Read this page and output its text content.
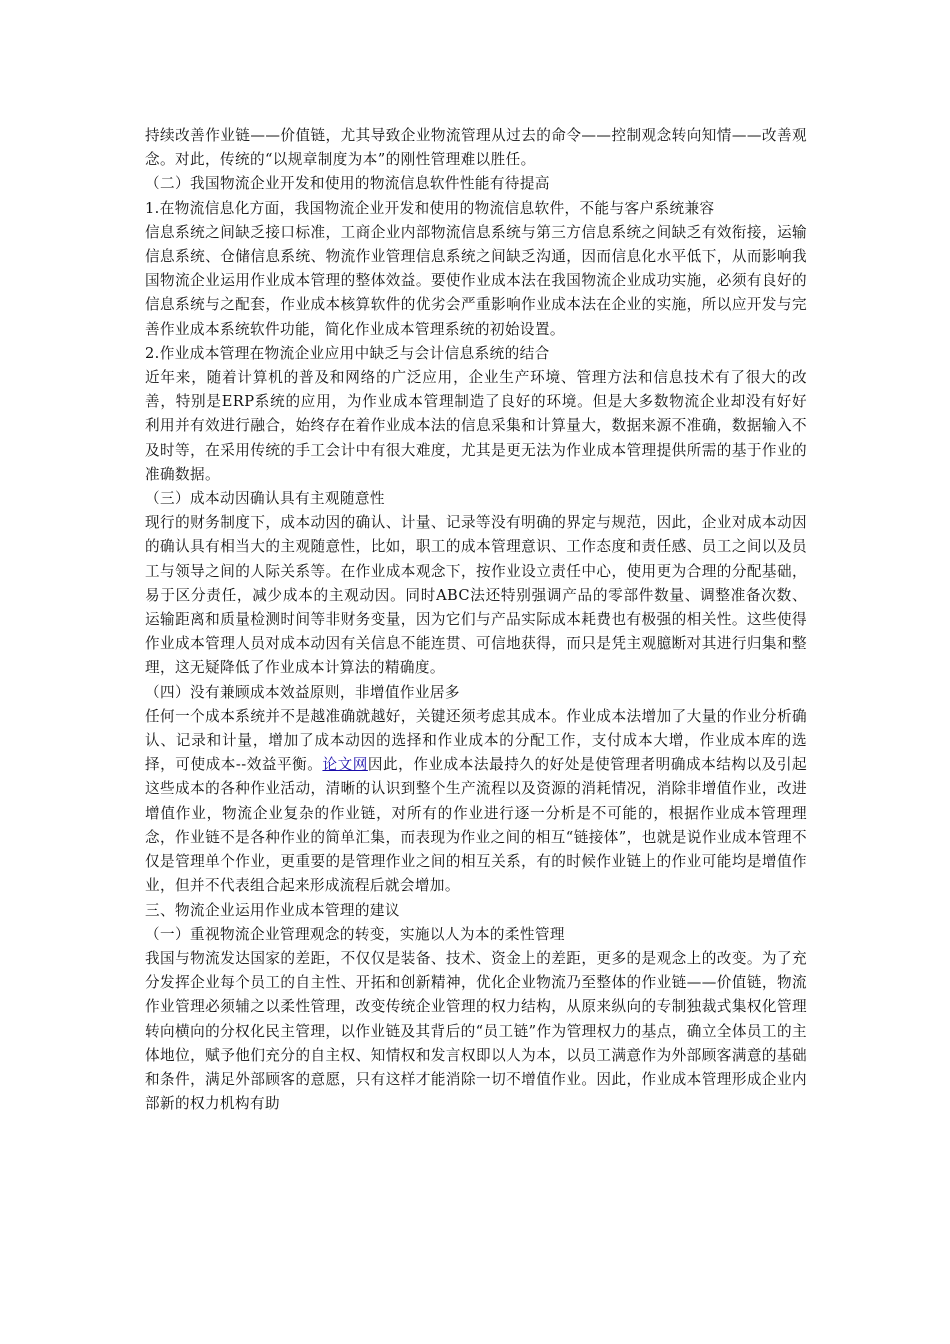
持续改善作业链——价值链，尤其导致企业物流管理从过去的命令——控制观念转向知情——改善观念。对此，传统的“以规章制度为本”的刚性管理难以胜任。

（二）我国物流企业开发和使用的物流信息软件性能有待提高

1.在物流信息化方面，我国物流企业开发和使用的物流信息软件，不能与客户系统兼容

信息系统之间缺乏接口标准，工商企业内部物流信息系统与第三方信息系统之间缺乏有效衔接，运输信息系统、仓储信息系统、物流作业管理信息系统之间缺乏沟通，因而信息化水平低下，从而影响我国物流企业运用作业成本管理的整体效益。要使作业成本法在我国物流企业成功实施，必须有良好的信息系统与之配套，作业成本核算软件的优劣会严重影响作业成本法在企业的实施，所以应开发与完善作业成本系统软件功能，简化作业成本管理系统的初始设置。

2.作业成本管理在物流企业应用中缺乏与会计信息系统的结合

近年来，随着计算机的普及和网络的广泛应用，企业生产环境、管理方法和信息技术有了很大的改善，特别是ERP系统的应用，为作业成本管理制造了良好的环境。但是大多数物流企业却没有好好利用并有效进行融合，始终存在着作业成本法的信息采集和计算量大，数据来源不准确，数据输入不及时等，在采用传统的手工会计中有很大难度，尤其是更无法为作业成本管理提供所需的基于作业的准确数据。

（三）成本动因确认具有主观随意性

现行的财务制度下，成本动因的确认、计量、记录等没有明确的界定与规范，因此，企业对成本动因的确认具有相当大的主观随意性，比如，职工的成本管理意识、工作态度和责任感、员工之间以及员工与领导之间的人际关系等。在作业成本观念下，按作业设立责任中心，使用更为合理的分配基础，易于区分责任，减少成本的主观动因。同时ABC法还特别强调产品的零部件数量、调整准备次数、运输距离和质量检测时间等非财务变量，因为它们与产品实际成本耗费也有极强的相关性。这些使得作业成本管理人员对成本动因有关信息不能连贯、可信地获得，而只是凭主观臆断对其进行归集和整理，这无疑降低了作业成本计算法的精确度。

（四）没有兼顾成本效益原则，非增值作业居多

任何一个成本系统并不是越准确就越好，关键还须考虑其成本。作业成本法增加了大量的作业分析确认、记录和计量，增加了成本动因的选择和作业成本的分配工作，支付成本大增，作业成本库的选择，可使成本--效益平衡。论文网因此，作业成本法最持久的好处是使管理者明确成本结构以及引起这些成本的各种作业活动，清晰的认识到整个生产流程以及资源的消耗情况，消除非增值作业，改进增值作业，物流企业复杂的作业链，对所有的作业进行逐一分析是不可能的，根据作业成本管理理念，作业链不是各种作业的简单汇集，而表现为作业之间的相互“链接体”，也就是说作业成本管理不仅是管理单个作业，更重要的是管理作业之间的相互关系，有的时候作业链上的作业可能均是增值作业，但并不代表组合起来形成流程后就会增加。

三、物流企业运用作业成本管理的建议

（一）重视物流企业管理观念的转变，实施以人为本的柔性管理

我国与物流发达国家的差距，不仅仅是装备、技术、资金上的差距，更多的是观念上的改变。为了充分发挥企业每个员工的自主性、开拓和创新精神，优化企业物流乃至整体的作业链——价值链，物流作业管理必须辅之以柔性管理，改变传统企业管理的权力结构，从原来纵向的专制独裁式集权化管理转向横向的分权化民主管理，以作业链及其背后的“员工链”作为管理权力的基点，确立全体员工的主体地位，赋予他们充分的自主权、知情权和发言权即以人为本，以员工满意作为外部顾客满意的基础和条件，满足外部顾客的意愿，只有这样才能消除一切不增值作业。因此，作业成本管理形成企业内部新的权力机构有助
